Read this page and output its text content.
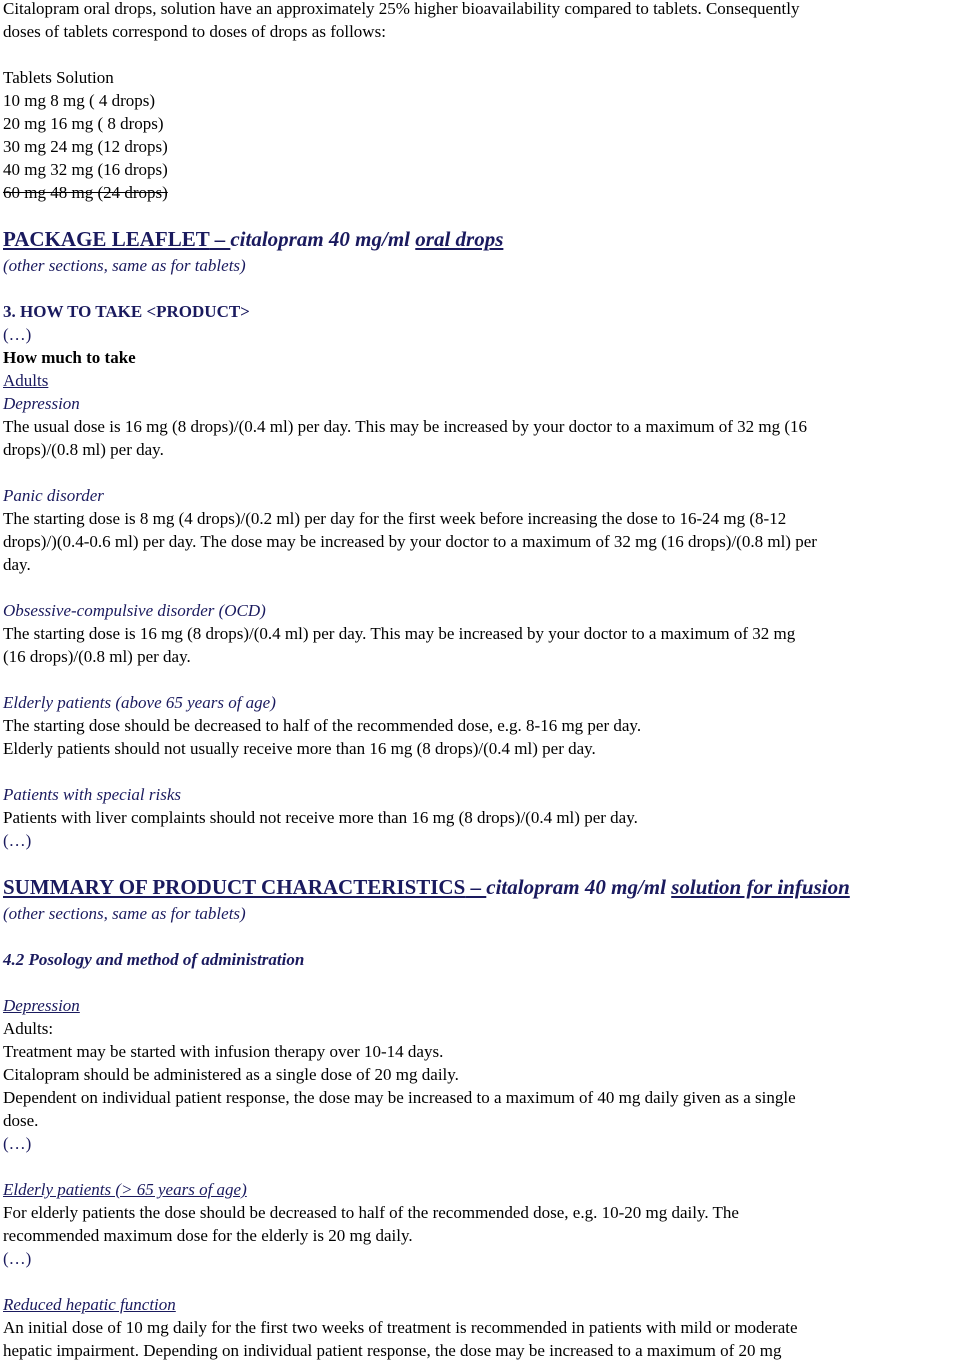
Citalopram oral drops, solution have an approximately 25% higher bioavailability compared to tablets. Consequently

doses of tablets correspond to doses of drops as follows:

Tablets Solution

10 mg 8 mg ( 4 drops)

20 mg 16 mg ( 8 drops)

30 mg 24 mg (12 drops)

40 mg 32 mg (16 drops)

60 mg 48 mg (24 drops)

PACKAGE LEAFLET – citalopram 40 mg/ml oral drops

(other sections, same as for tablets)

3. HOW TO TAKE <PRODUCT>

(…)

How much to take

Adults

Depression

The usual dose is 16 mg (8 drops)/(0.4 ml) per day. This may be increased by your doctor to a maximum of 32 mg (16

drops)/(0.8 ml) per day.

Panic disorder

The starting dose is 8 mg (4 drops)/(0.2 ml) per day for the first week before increasing the dose to 16-24 mg (8-12

drops)/)(0.4-0.6 ml) per day. The dose may be increased by your doctor to a maximum of 32 mg (16 drops)/(0.8 ml) per

day.

Obsessive-compulsive disorder (OCD)

The starting dose is 16 mg (8 drops)/(0.4 ml) per day. This may be increased by your doctor to a maximum of 32 mg

(16 drops)/(0.8 ml) per day.

Elderly patients (above 65 years of age)

The starting dose should be decreased to half of the recommended dose, e.g. 8-16 mg per day.

Elderly patients should not usually receive more than 16 mg (8 drops)/(0.4 ml) per day.

Patients with special risks

Patients with liver complaints should not receive more than 16 mg (8 drops)/(0.4 ml) per day.

(…)

SUMMARY OF PRODUCT CHARACTERISTICS – citalopram 40 mg/ml solution for infusion

(other sections, same as for tablets)

4.2 Posology and method of administration

Depression

Adults:

Treatment may be started with infusion therapy over 10-14 days.

Citalopram should be administered as a single dose of 20 mg daily.

Dependent on individual patient response, the dose may be increased to a maximum of 40 mg daily given as a single

dose.

(…)

Elderly patients (> 65 years of age)

For elderly patients the dose should be decreased to half of the recommended dose, e.g. 10-20 mg daily. The

recommended maximum dose for the elderly is 20 mg daily.

(…)

Reduced hepatic function

An initial dose of 10 mg daily for the first two weeks of treatment is recommended in patients with mild or moderate

hepatic impairment. Depending on individual patient response, the dose may be increased to a maximum of 20 mg
